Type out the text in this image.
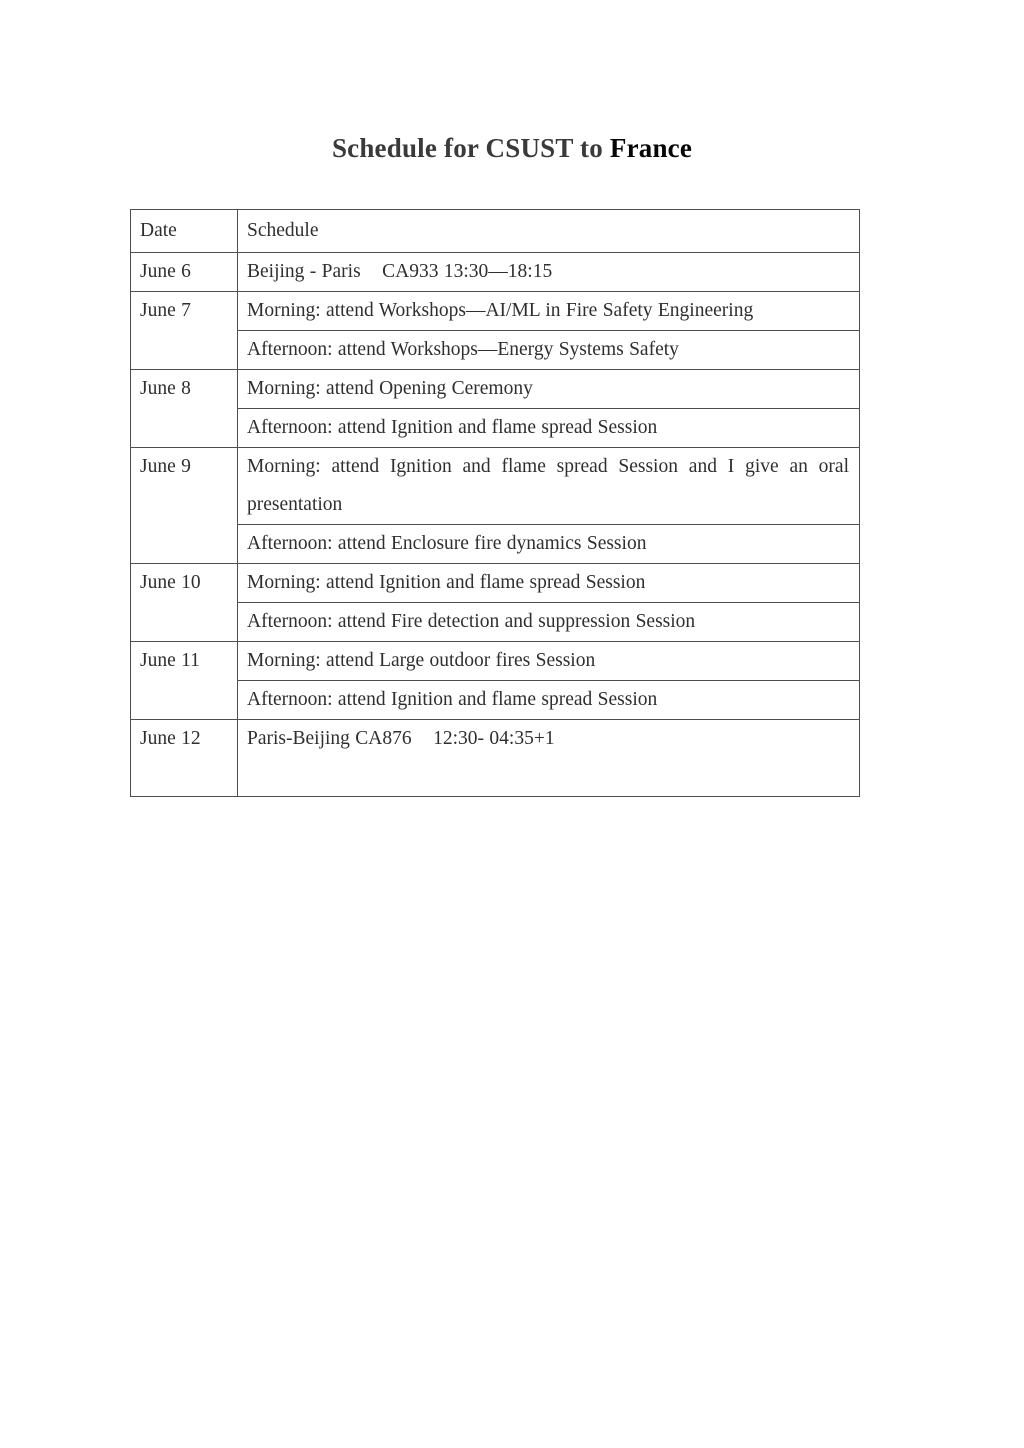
Schedule for CSUST to France
Date	Schedule
June 6	Beijing - Paris    CA933 13:30—18:15
June 7	Morning: attend Workshops—AI/ML in Fire Safety Engineering
	Afternoon: attend Workshops—Energy Systems Safety
June 8	Morning: attend Opening Ceremony
	Afternoon: attend Ignition and flame spread Session
June 9	Morning: attend Ignition and flame spread Session and I give an oral presentation
	Afternoon: attend Enclosure fire dynamics Session
June 10	Morning: attend Ignition and flame spread Session
	Afternoon: attend Fire detection and suppression Session
June 11	Morning: attend Large outdoor fires Session
	Afternoon: attend Ignition and flame spread Session
June 12	Paris-Beijing CA876    12:30- 04:35+1
